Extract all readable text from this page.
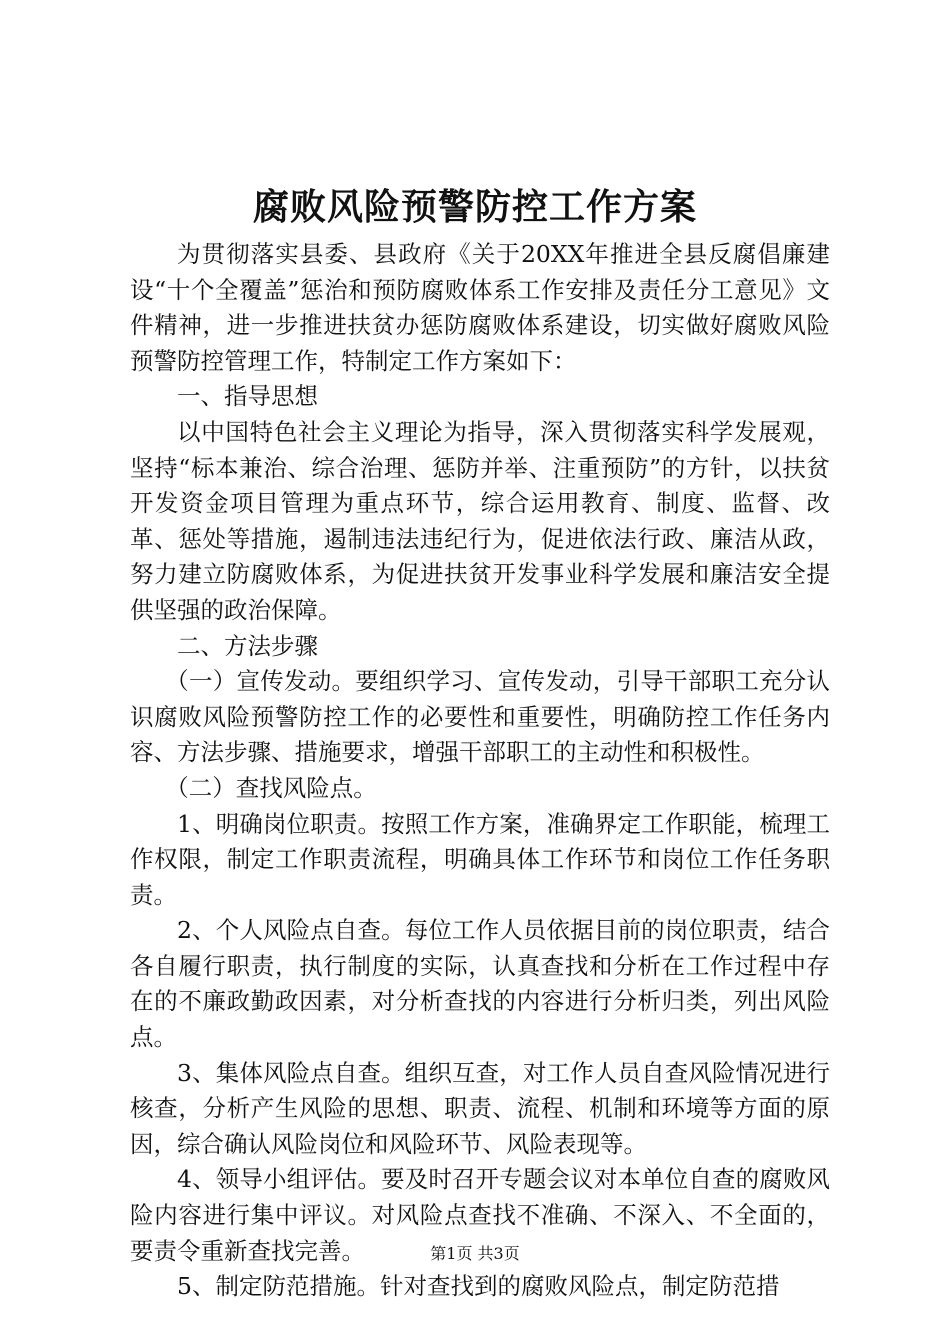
腐败风险预警防控工作方案

为贯彻落实县委、县政府《关于20XX年推进全县反腐倡廉建设“十个全覆盖”惩治和预防腐败体系工作安排及责任分工意见》文件精神，进一步推进扶贫办惩防腐败体系建设，切实做好腐败风险预警防控管理工作，特制定工作方案如下：

一、指导思想

以中国特色社会主义理论为指导，深入贯彻落实科学发展观，坚持“标本兼治、综合治理、惩防并举、注重预防”的方针，以扶贫开发资金项目管理为重点环节，综合运用教育、制度、监督、改革、惩处等措施，遏制违法违纪行为，促进依法行政、廉洁从政，努力建立防腐败体系，为促进扶贫开发事业科学发展和廉洁安全提供坚强的政治保障。

二、方法步骤

（一）宣传发动。要组织学习、宣传发动，引导干部职工充分认识腐败风险预警防控工作的必要性和重要性，明确防控工作任务内容、方法步骤、措施要求，增强干部职工的主动性和积极性。

（二）查找风险点。

1、明确岗位职责。按照工作方案，准确界定工作职能，梳理工作权限，制定工作职责流程，明确具体工作环节和岗位工作任务职责。

2、个人风险点自查。每位工作人员依据目前的岗位职责，结合各自履行职责，执行制度的实际，认真查找和分析在工作过程中存在的不廉政勤政因素，对分析查找的内容进行分析归类，列出风险点。

3、集体风险点自查。组织互查，对工作人员自查风险情况进行核查，分析产生风险的思想、职责、流程、机制和环境等方面的原因，综合确认风险岗位和风险环节、风险表现等。

4、领导小组评估。要及时召开专题会议对本单位自查的腐败风险内容进行集中评议。对风险点查找不准确、不深入、不全面的，要责令重新查找完善。

5、制定防范措施。针对查找到的腐败风险点，制定防范措

第1页 共3页
